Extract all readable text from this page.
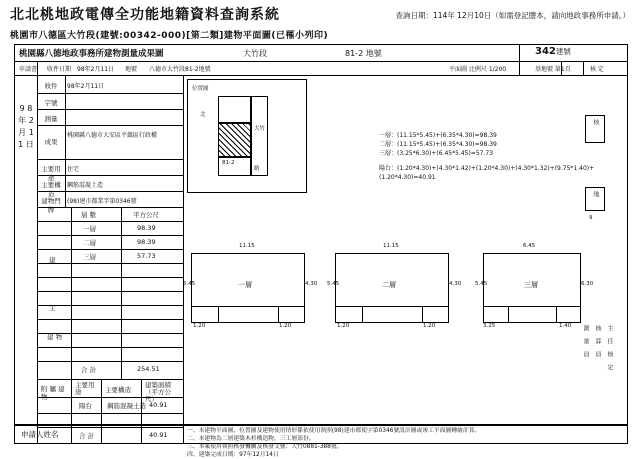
北北桃地政電傳全功能地籍資料查詢系統
桃園市八德區大竹段(建號:00342-000)[第二類]建物平面圖(已罹小列印)
查詢日期：114年 12月10日（如需登記謄本，請向地政事務所申請。）
桃園縣八德地政事務所建物測量成果圖	大竹段	81-2 地號	342建號
申請書 收件日期 98年2月11日 地號 八德市大竹段81-2地號	平面圖 比例尺 1/200	基地號 第1頁	核 定
9 8 年 2 月 1 1 日
收件	98年2月11日
字號
測量
成果
桃園縣八德市大安區平鎮區行政權
主要用途
住宅
主要構造
鋼筋混凝土造
建物門牌
(98)建市都業字第0346號
層 數	平方公尺
建
主
建 物
一層	98.39
二層	98.39
三層	57.73
合 計	254.51
附 屬 建 物
主要用途	主要構造
建築面積（平方公尺）
陽台 鋼筋混凝土造 40.91
合 計	40.91
81-2
大竹
路
北
位置圖
一層：(11.15*5.45)+(6.35*4.30)=98.39
二層：(11.15*5.45)+(6.35*4.30)=98.39
三層：(3.25*6.30)+(6.45*5.45)=57.73
陽台：(1.20*4.30)+(4.30*1.42)+(1.20*4.30)+(4.30*1.32)+(9.75*1.40)+(1.20*4.30)=40.91
一層
11.15
5.45	4.30
1.20	1.20
二層
11.15
5.45	4.30
1.20	1.20
三層
6.45
5.45	6.30
3.25	1.40
核
地
9
測 量 員 核 算 員 主 任 核 定
一、本建物平面圖、位置圖及建物使用情形係依使用執照(98)建市都使字第0346號設計圖或竣工平面圖轉繪計算。
二、本建物為二層建築木杉構造物，三工層部份。
三、本案使用執照核發機關及核發文號：大竹0881-388號。
四、建築完成日期：97年12月14日
申請人姓名
